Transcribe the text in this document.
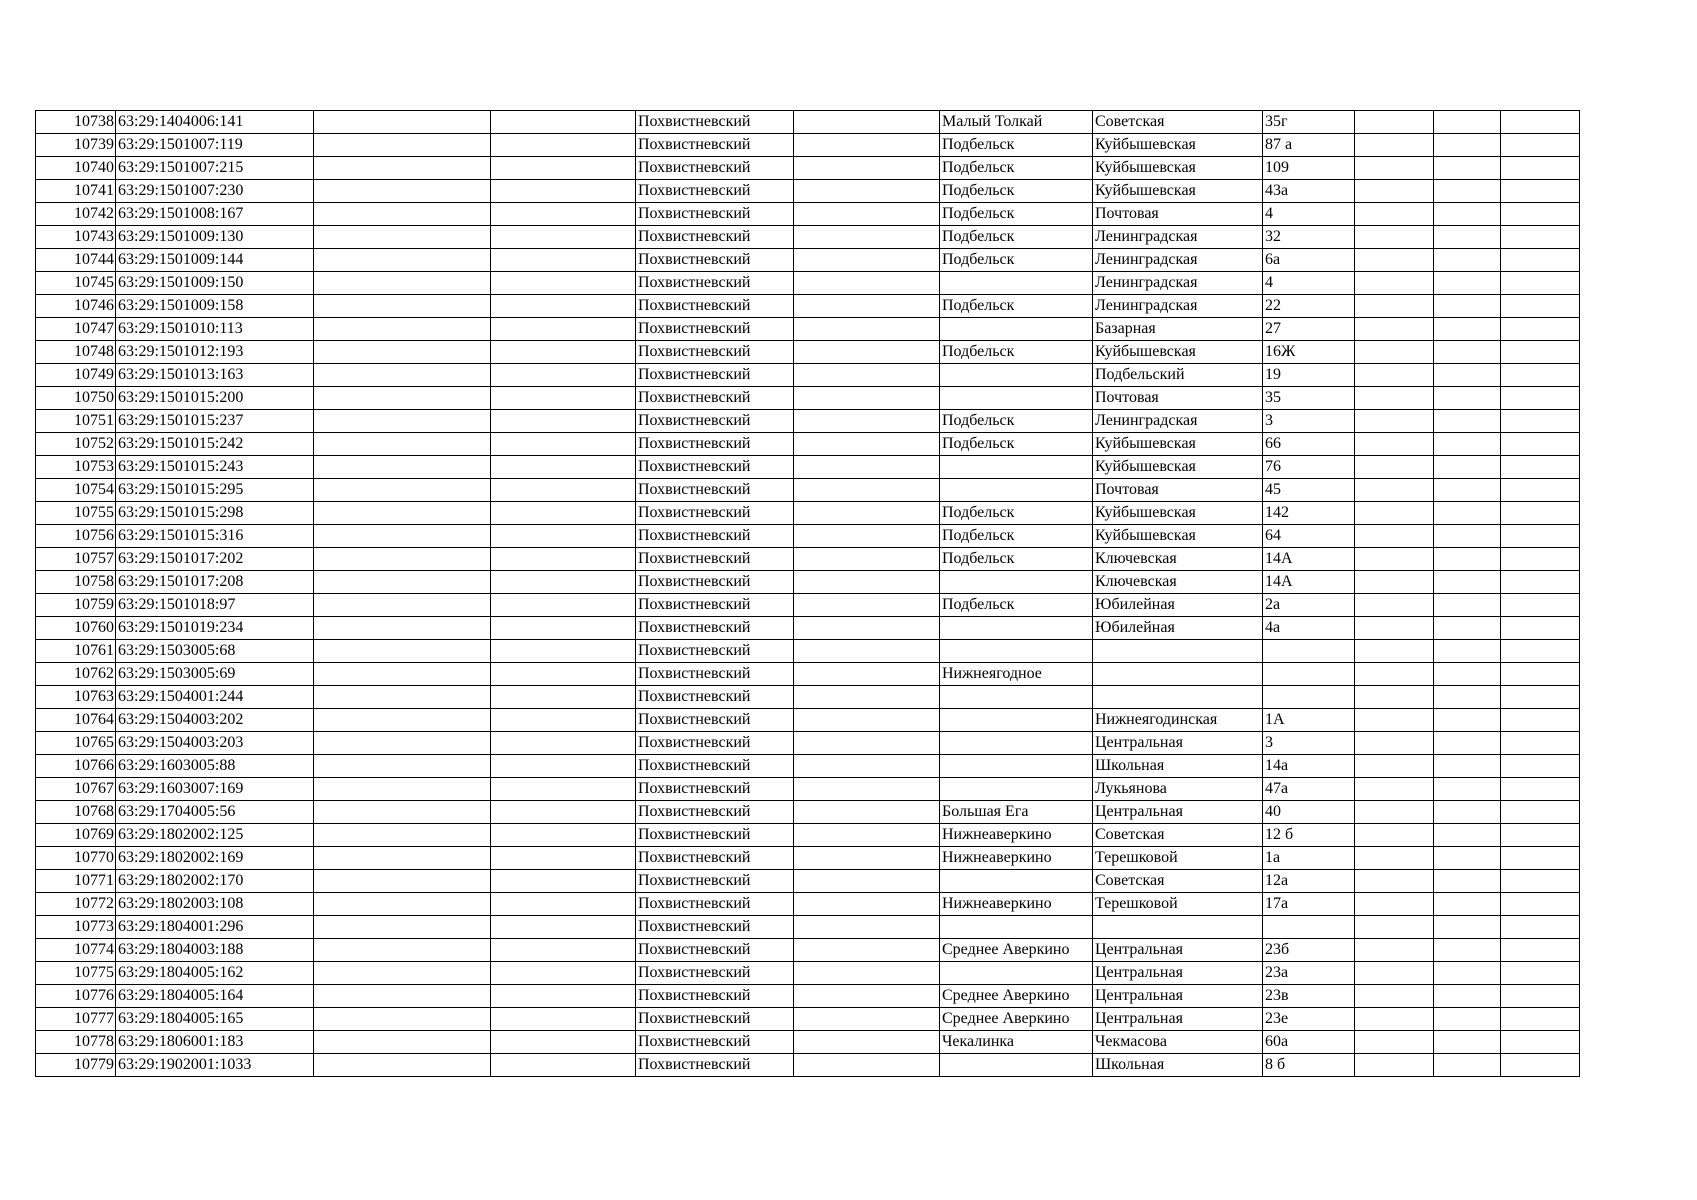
10738	63:29:1404006:141			Похвистневский		Малый Толкай	Советская	35г			
10739	63:29:1501007:119			Похвистневский		Подбельск	Куйбышевская	87 а			
10740	63:29:1501007:215			Похвистневский		Подбельск	Куйбышевская	109			
10741	63:29:1501007:230			Похвистневский		Подбельск	Куйбышевская	43а			
10742	63:29:1501008:167			Похвистневский		Подбельск	Почтовая	4			
10743	63:29:1501009:130			Похвистневский		Подбельск	Ленинградская	32			
10744	63:29:1501009:144			Похвистневский		Подбельск	Ленинградская	6а			
10745	63:29:1501009:150			Похвистневский			Ленинградская	4			
10746	63:29:1501009:158			Похвистневский		Подбельск	Ленинградская	22			
10747	63:29:1501010:113			Похвистневский			Базарная	27			
10748	63:29:1501012:193			Похвистневский		Подбельск	Куйбышевская	16Ж			
10749	63:29:1501013:163			Похвистневский			Подбельский	19			
10750	63:29:1501015:200			Похвистневский			Почтовая	35			
10751	63:29:1501015:237			Похвистневский		Подбельск	Ленинградская	3			
10752	63:29:1501015:242			Похвистневский		Подбельск	Куйбышевская	66			
10753	63:29:1501015:243			Похвистневский			Куйбышевская	76			
10754	63:29:1501015:295			Похвистневский			Почтовая	45			
10755	63:29:1501015:298			Похвистневский		Подбельск	Куйбышевская	142			
10756	63:29:1501015:316			Похвистневский		Подбельск	Куйбышевская	64			
10757	63:29:1501017:202			Похвистневский		Подбельск	Ключевская	14А			
10758	63:29:1501017:208			Похвистневский			Ключевская	14А			
10759	63:29:1501018:97			Похвистневский		Подбельск	Юбилейная	2а			
10760	63:29:1501019:234			Похвистневский			Юбилейная	4а			
10761	63:29:1503005:68			Похвистневский							
10762	63:29:1503005:69			Похвистневский		Нижнеягодное					
10763	63:29:1504001:244			Похвистневский							
10764	63:29:1504003:202			Похвистневский			Нижнеягодинская	1А			
10765	63:29:1504003:203			Похвистневский			Центральная	3			
10766	63:29:1603005:88			Похвистневский			Школьная	14а			
10767	63:29:1603007:169			Похвистневский			Лукьянова	47а			
10768	63:29:1704005:56			Похвистневский		Большая Ега	Центральная	40			
10769	63:29:1802002:125			Похвистневский		Нижнеаверкино	Советская	12 б			
10770	63:29:1802002:169			Похвистневский		Нижнеаверкино	Терешковой	1а			
10771	63:29:1802002:170			Похвистневский			Советская	12а			
10772	63:29:1802003:108			Похвистневский		Нижнеаверкино	Терешковой	17а			
10773	63:29:1804001:296			Похвистневский							
10774	63:29:1804003:188			Похвистневский		Среднее Аверкино	Центральная	23б			
10775	63:29:1804005:162			Похвистневский			Центральная	23а			
10776	63:29:1804005:164			Похвистневский		Среднее Аверкино	Центральная	23в			
10777	63:29:1804005:165			Похвистневский		Среднее Аверкино	Центральная	23е			
10778	63:29:1806001:183			Похвистневский		Чекалинка	Чекмасова	60а			
10779	63:29:1902001:1033			Похвистневский			Школьная	8 б			
